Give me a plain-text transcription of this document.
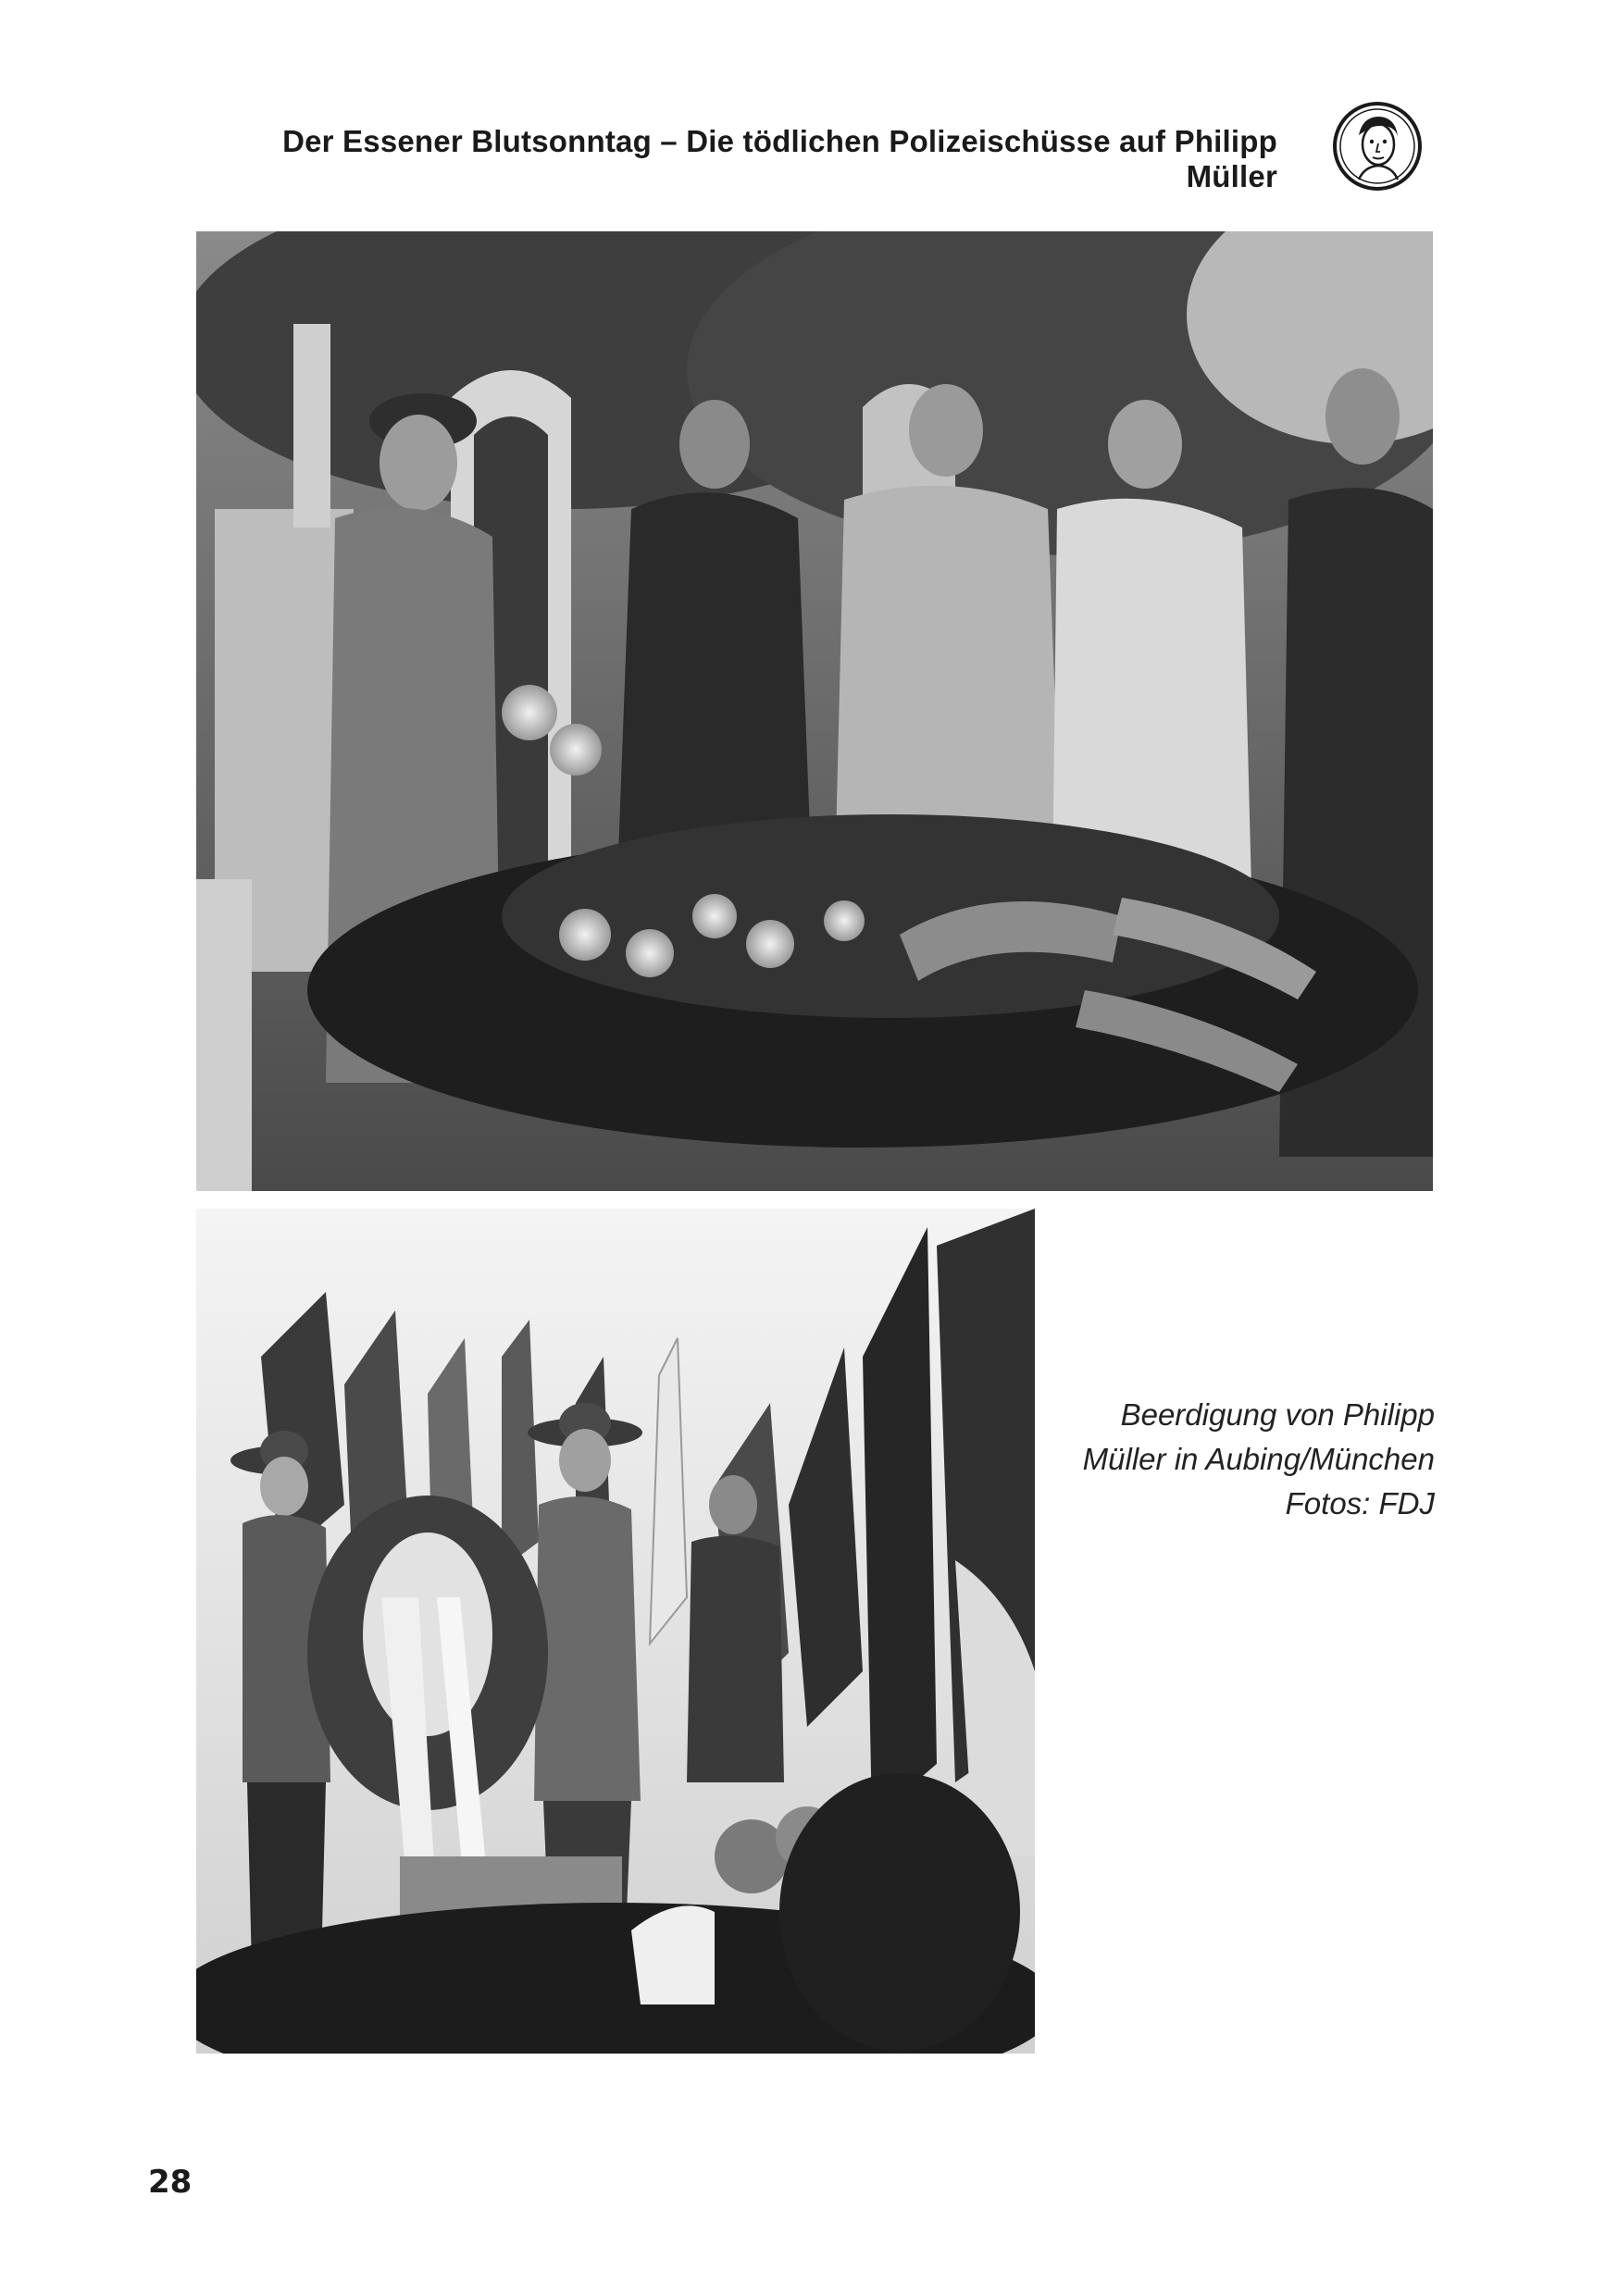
Der Essener Blutsonntag – Die tödlichen Polizeischüsse auf Philipp Müller
Beerdigung von Philipp
Müller in Aubing/München
Fotos: FDJ
28
